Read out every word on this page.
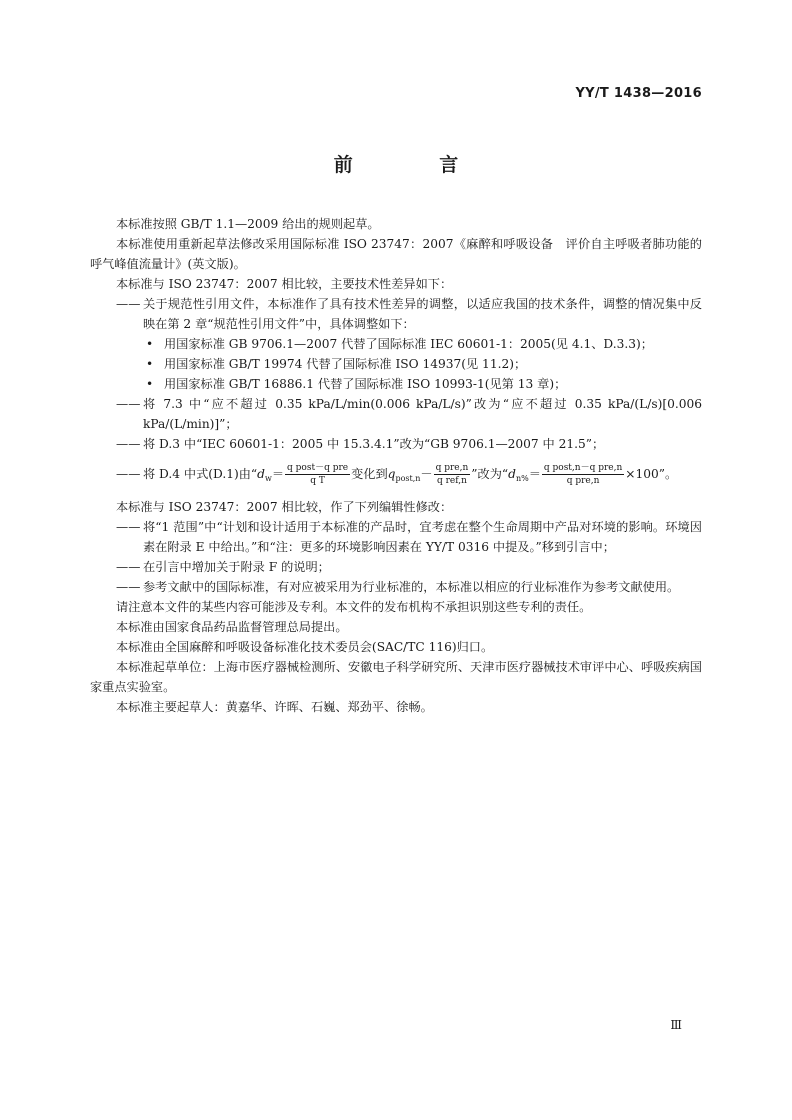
YY/T 1438—2016
前 言

本标准按照 GB/T 1.1—2009 给出的规则起草。

本标准使用重新起草法修改采用国际标准 ISO 23747：2007《麻醉和呼吸设备　评价自主呼吸者肺功能的呼气峰值流量计》(英文版)。

本标准与 ISO 23747：2007 相比较，主要技术性差异如下：

—— 关于规范性引用文件，本标准作了具有技术性差异的调整，以适应我国的技术条件，调整的情况集中反映在第 2 章“规范性引用文件”中，具体调整如下：
• 用国家标准 GB 9706.1—2007 代替了国际标准 IEC 60601-1：2005(见 4.1、D.3.3)；
• 用国家标准 GB/T 19974 代替了国际标准 ISO 14937(见 11.2)；
• 用国家标准 GB/T 16886.1 代替了国际标准 ISO 10993-1(见第 13 章)；
—— 将 7.3 中“应不超过 0.35 kPa/L/min(0.006 kPa/L/s)”改为“应不超过 0.35 kPa/(L/s)[0.006 kPa/(L/min)]”；
—— 将 D.3 中“IEC 60601-1：2005 中 15.3.4.1”改为“GB 9706.1—2007 中 21.5”；
—— 将 D.4 中式(D.1)由“$d_w= \frac{\text{q post－q pre}}{\text{q T}}$ 变化到$q_{post,n}- \frac{\text{q pre,n}}{\text{q ref,n}}$ ”改为“$d_{n\%}= \frac{\text{q post,n－q pre,n}}{\text{q pre,n}} \times 100$”。

本标准与 ISO 23747：2007 相比较，作了下列编辑性修改：

—— 将“1 范围”中“计划和设计适用于本标准的产品时，宜考虑在整个生命周期中产品对环境的影响。环境因素在附录 E 中给出。”和“注：更多的环境影响因素在 YY/T 0316 中提及。”移到引言中；
—— 在引言中增加关于附录 F 的说明；
—— 参考文献中的国际标准，有对应被采用为行业标准的，本标准以相应的行业标准作为参考文献使用。

请注意本文件的某些内容可能涉及专利。本文件的发布机构不承担识别这些专利的责任。

本标准由国家食品药品监督管理总局提出。

本标准由全国麻醉和呼吸设备标准化技术委员会(SAC/TC 116)归口。

本标准起草单位：上海市医疗器械检测所、安徽电子科学研究所、天津市医疗器械技术审评中心、呼吸疾病国家重点实验室。

本标准主要起草人：黄嘉华、许晖、石巍、郑劲平、徐畅。

Ⅲ
